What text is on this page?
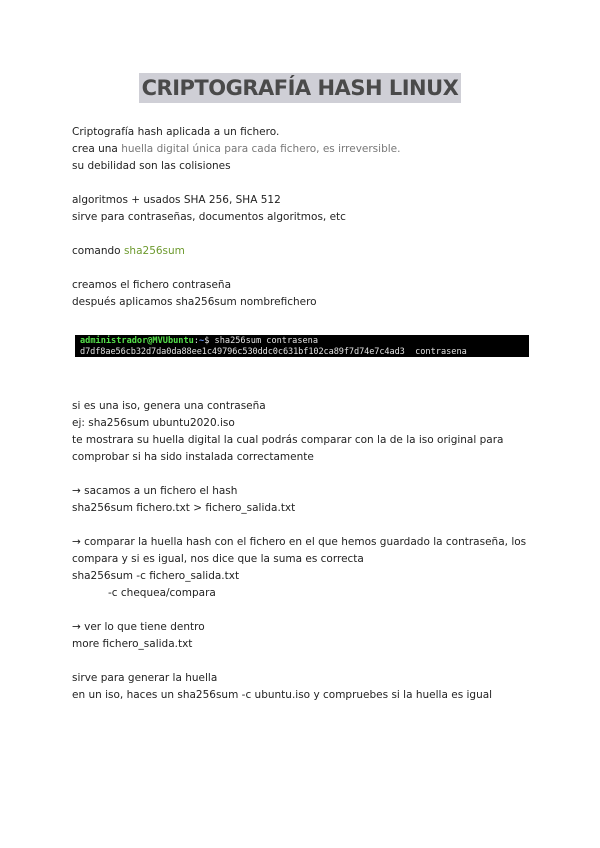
CRIPTOGRAFÍA HASH LINUX
Criptografía hash aplicada a un fichero.
crea una huella digital única para cada fichero, es irreversible.
su debilidad son las colisiones
algoritmos + usados SHA 256, SHA 512
sirve para contraseñas, documentos algoritmos, etc
comando sha256sum
creamos el fichero contraseña
después aplicamos sha256sum nombrefichero
administrador@MVUbuntu:~$ sha256sum contrasena
d7df8ae56cb32d7da0da88ee1c49796c530ddc0c631bf102ca89f7d74e7c4ad3  contrasena
si es una iso, genera una contraseña
ej: sha256sum ubuntu2020.iso
te mostrara su huella digital la cual podrás comparar con la de la iso original para
comprobar si ha sido instalada correctamente
→ sacamos a un fichero el hash
sha256sum fichero.txt > fichero_salida.txt
→ comparar la huella hash con el fichero en el que hemos guardado la contraseña, los
compara y si es igual, nos dice que la suma es correcta
sha256sum -c fichero_salida.txt
-c chequea/compara
→ ver lo que tiene dentro
more fichero_salida.txt
sirve para generar la huella
en un iso, haces un sha256sum -c ubuntu.iso y compruebes si la huella es igual
